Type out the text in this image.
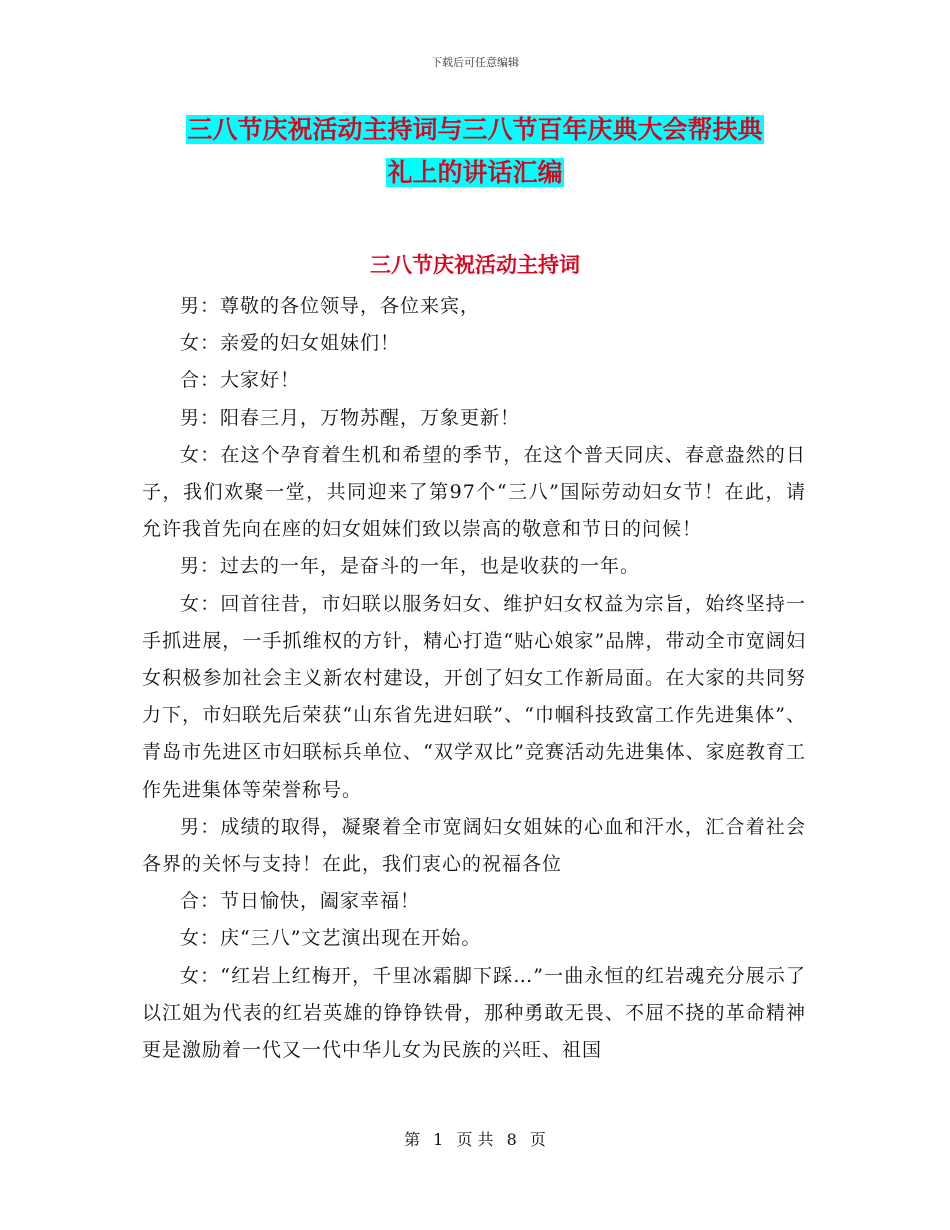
下载后可任意编辑
三八节庆祝活动主持词与三八节百年庆典大会帮扶典
礼上的讲话汇编
三八节庆祝活动主持词

男：尊敬的各位领导，各位来宾，

女：亲爱的妇女姐妹们！

合：大家好！

男：阳春三月，万物苏醒，万象更新！

女：在这个孕育着生机和希望的季节，在这个普天同庆、春意盎然的日子，我们欢聚一堂，共同迎来了第97个“三八”国际劳动妇女节！在此，请允许我首先向在座的妇女姐妹们致以崇高的敬意和节日的问候！

男：过去的一年，是奋斗的一年，也是收获的一年。

女：回首往昔，市妇联以服务妇女、维护妇女权益为宗旨，始终坚持一手抓进展，一手抓维权的方针，精心打造“贴心娘家”品牌，带动全市宽阔妇女积极参加社会主义新农村建设，开创了妇女工作新局面。在大家的共同努力下，市妇联先后荣获“山东省先进妇联”、“巾帼科技致富工作先进集体”、青岛市先进区市妇联标兵单位、“双学双比”竞赛活动先进集体、家庭教育工作先进集体等荣誉称号。

男：成绩的取得，凝聚着全市宽阔妇女姐妹的心血和汗水，汇合着社会各界的关怀与支持！在此，我们衷心的祝福各位

合：节日愉快，阖家幸福！

女：庆“三八”文艺演出现在开始。

女：“红岩上红梅开，千里冰霜脚下踩…”一曲永恒的红岩魂充分展示了以江姐为代表的红岩英雄的铮铮铁骨，那种勇敢无畏、不屈不挠的革命精神更是激励着一代又一代中华儿女为民族的兴旺、祖国

第 1 页 共 8 页
